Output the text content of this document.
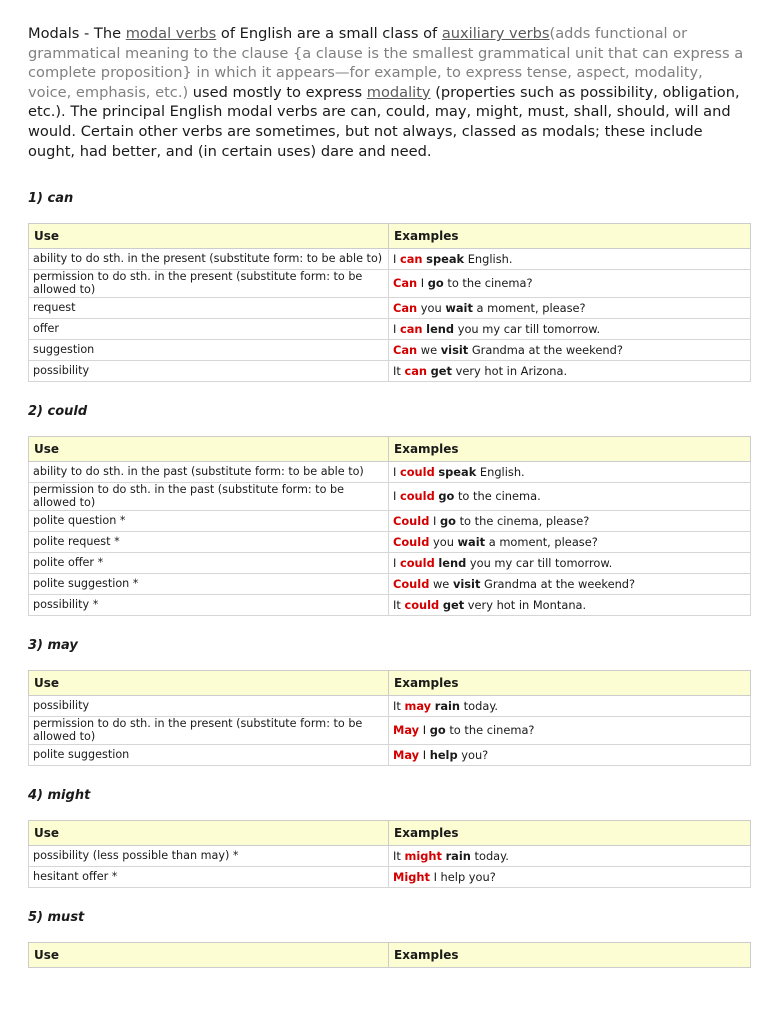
Modals - The modal verbs of English are a small class of auxiliary verbs(adds functional or grammatical meaning to the clause {a clause is the smallest grammatical unit that can express a complete proposition} in which it appears—for example, to express tense, aspect, modality, voice, emphasis, etc.) used mostly to express modality (properties such as possibility, obligation, etc.). The principal English modal verbs are can, could, may, might, must, shall, should, will and would. Certain other verbs are sometimes, but not always, classed as modals; these include ought, had better, and (in certain uses) dare and need.

1) can
Use	Examples
ability to do sth. in the present (substitute form: to be able to)	I can speak English.
permission to do sth. in the present (substitute form: to be allowed to)	Can I go to the cinema?
request	Can you wait a moment, please?
offer	I can lend you my car till tomorrow.
suggestion	Can we visit Grandma at the weekend?
possibility	It can get very hot in Arizona.
2) could
Use	Examples
ability to do sth. in the past (substitute form: to be able to)	I could speak English.
permission to do sth. in the past (substitute form: to be allowed to)	I could go to the cinema.
polite question *	Could I go to the cinema, please?
polite request *	Could you wait a moment, please?
polite offer *	I could lend you my car till tomorrow.
polite suggestion *	Could we visit Grandma at the weekend?
possibility *	It could get very hot in Montana.
3) may
Use	Examples
possibility	It may rain today.
permission to do sth. in the present (substitute form: to be allowed to)	May I go to the cinema?
polite suggestion	May I help you?
4) might
Use	Examples
possibility (less possible than may) *	It might rain today.
hesitant offer *	Might I help you?
5) must
Use	Examples
